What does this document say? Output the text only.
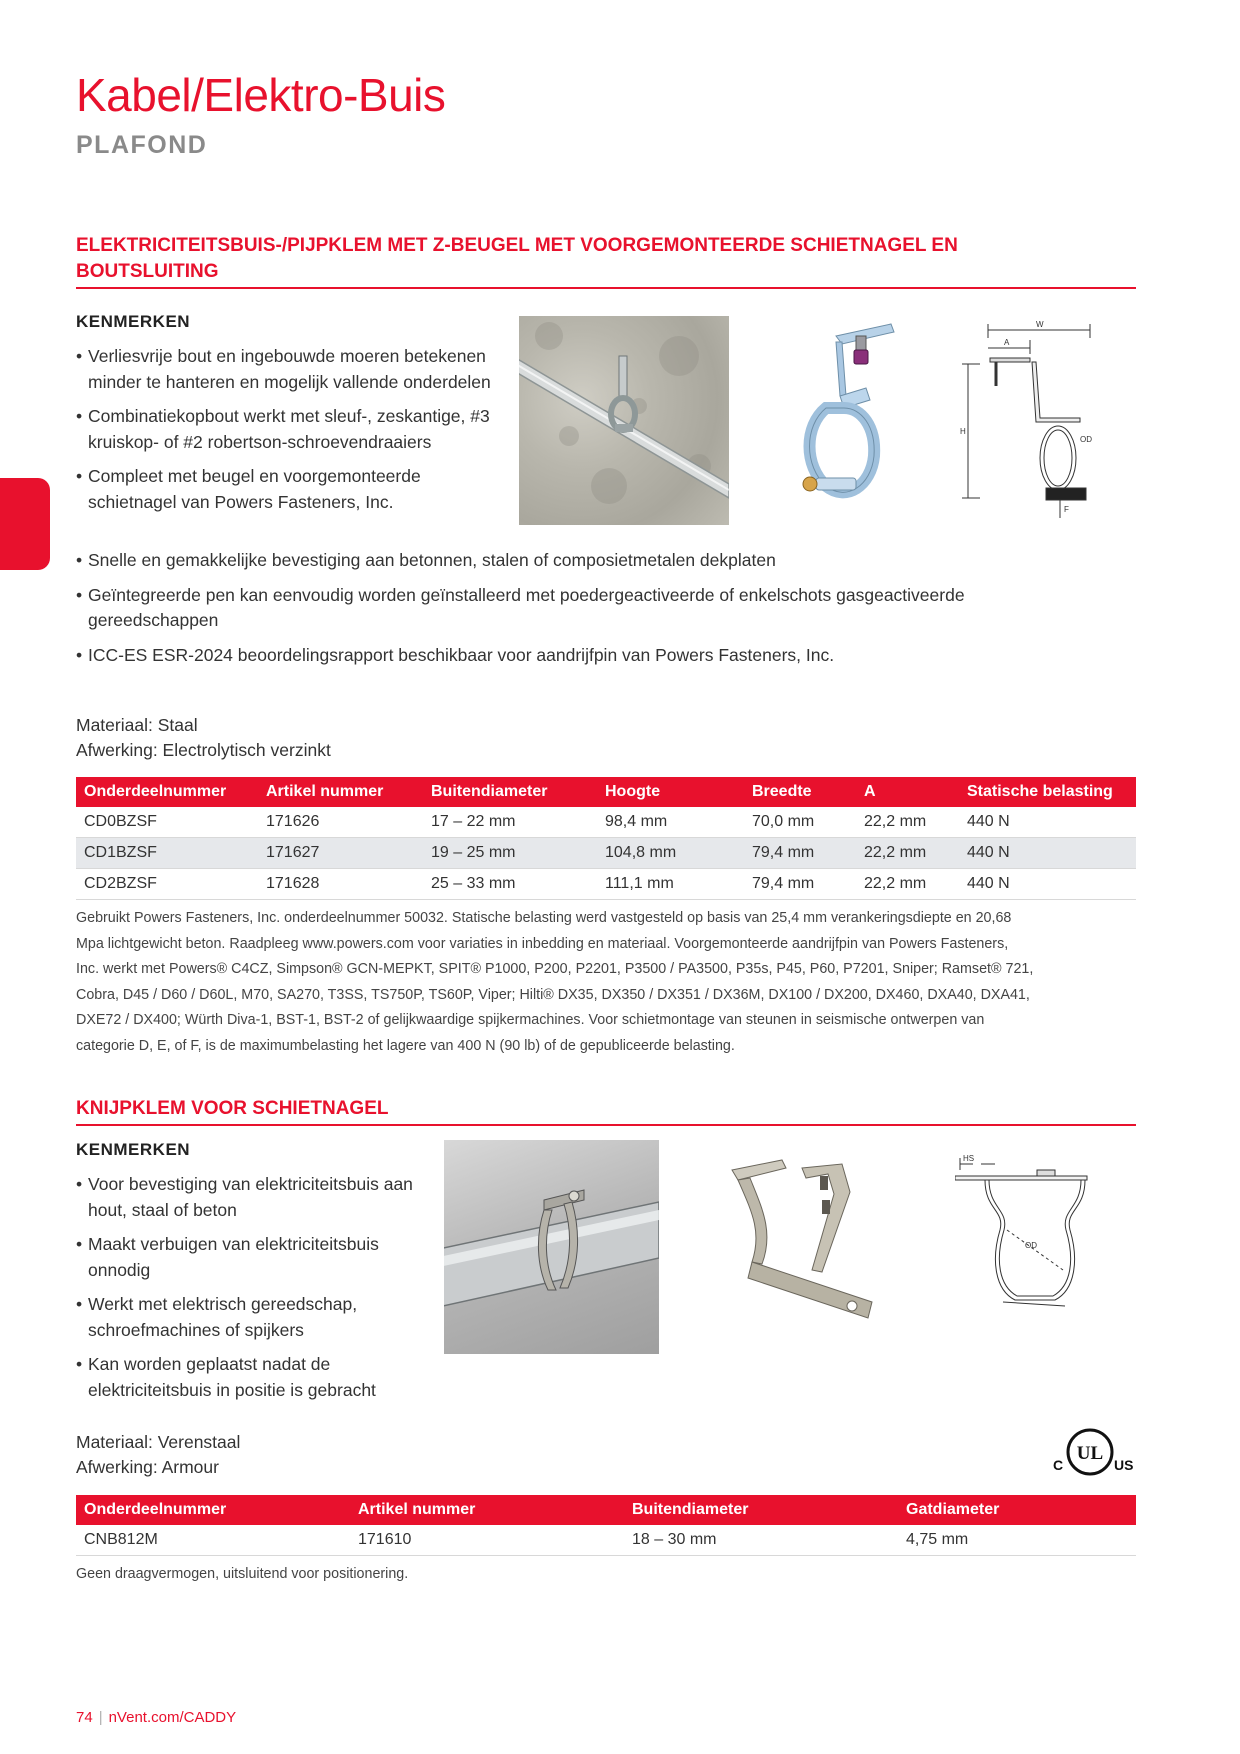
Kabel/Elektro-Buis
PLAFOND
ELEKTRICITEITSBUIS-/PIJPKLEM MET Z-BEUGEL MET VOORGEMONTEERDE SCHIETNAGEL EN
BOUTSLUITING
KENMERKEN
• Verliesvrije bout en ingebouwde moeren betekenen minder te hanteren en mogelijk vallende onderdelen
• Combinatiekopbout werkt met sleuf-, zeskantige, #3 kruiskop- of #2 robertson-schroevendraaiers
• Compleet met beugel en voorgemonteerde schietnagel van Powers Fasteners, Inc.
• Snelle en gemakkelijke bevestiging aan betonnen, stalen of composietmetalen dekplaten
• Geïntegreerde pen kan eenvoudig worden geïnstalleerd met poedergeactiveerde of enkelschots gasgeactiveerde gereedschappen
• ICC-ES ESR-2024 beoordelingsrapport beschikbaar voor aandrijfpin van Powers Fasteners, Inc.
W
A
H
OD
F
Materiaal: Staal
Afwerking: Electrolytisch verzinkt
Onderdeelnummer	Artikel nummer	Buitendiameter	Hoogte	Breedte	A	Statische belasting
CD0BZSF	171626	17 – 22 mm	98,4 mm	70,0 mm	22,2 mm	440 N
CD1BZSF	171627	19 – 25 mm	104,8 mm	79,4 mm	22,2 mm	440 N
CD2BZSF	171628	25 – 33 mm	111,1 mm	79,4 mm	22,2 mm	440 N
Gebruikt Powers Fasteners, Inc. onderdeelnummer 50032. Statische belasting werd vastgesteld op basis van 25,4 mm verankeringsdiepte en 20,68
Mpa lichtgewicht beton. Raadpleeg www.powers.com voor variaties in inbedding en materiaal. Voorgemonteerde aandrijfpin van Powers Fasteners,
Inc. werkt met Powers® C4CZ, Simpson® GCN-MEPKT, SPIT® P1000, P200, P2201, P3500 / PA3500, P35s, P45, P60, P7201, Sniper; Ramset® 721,
Cobra, D45 / D60 / D60L, M70, SA270, T3SS, TS750P, TS60P, Viper; Hilti® DX35, DX350 / DX351 / DX36M, DX100 / DX200, DX460, DXA40, DXA41,
DXE72 / DX400; Würth Diva-1, BST-1, BST-2 of gelijkwaardige spijkermachines. Voor schietmontage van steunen in seismische ontwerpen van
categorie D, E, of F, is de maximumbelasting het lagere van 400 N (90 lb) of de gepubliceerde belasting.
KNIJPKLEM VOOR SCHIETNAGEL
KENMERKEN
• Voor bevestiging van elektriciteitsbuis aan hout, staal of beton
• Maakt verbuigen van elektriciteitsbuis onnodig
• Werkt met elektrisch gereedschap, schroefmachines of spijkers
• Kan worden geplaatst nadat de elektriciteitsbuis in positie is gebracht
HS
OD
Materiaal: Verenstaal
Afwerking: Armour
UL
C	US
Onderdeelnummer	Artikel nummer	Buitendiameter	Gatdiameter
CNB812M	171610	18 – 30 mm	4,75 mm
Geen draagvermogen, uitsluitend voor positionering.
74 | nVent.com/CADDY
